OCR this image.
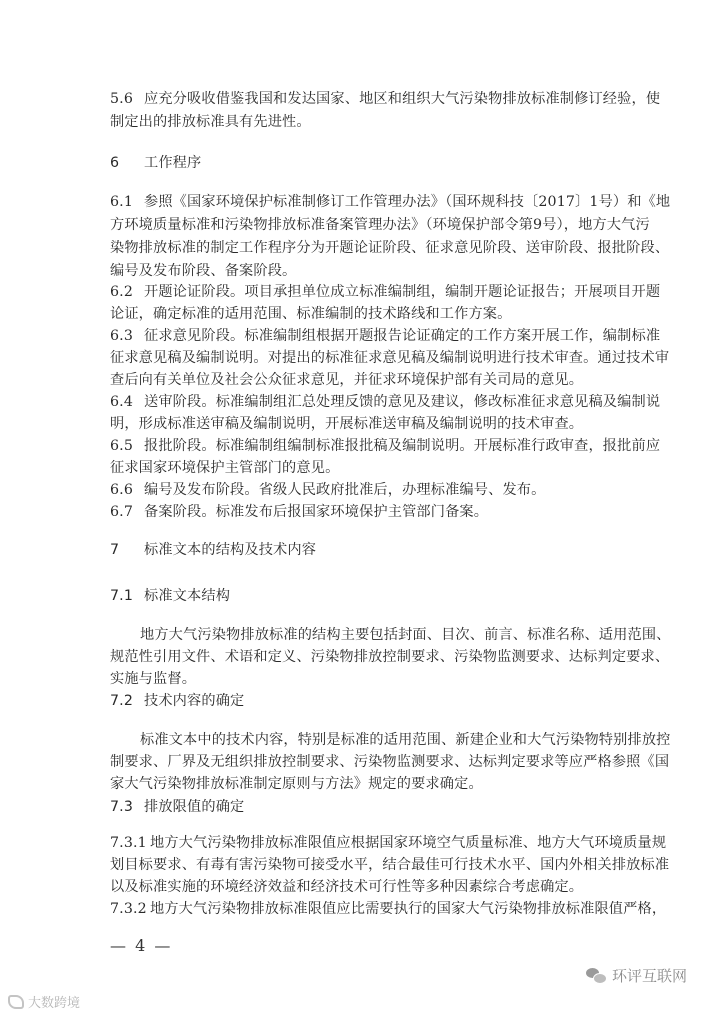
5.6 应充分吸收借鉴我国和发达国家、地区和组织大气污染物排放标准制修订经验，使
制定出的排放标准具有先进性。
6 工作程序
6.1 参照《国家环境保护标准制修订工作管理办法》（国环规科技〔2017〕1号）和《地
方环境质量标准和污染物排放标准备案管理办法》（环境保护部令第9号），地方大气污
染物排放标准的制定工作程序分为开题论证阶段、征求意见阶段、送审阶段、报批阶段、
编号及发布阶段、备案阶段。
6.2 开题论证阶段。项目承担单位成立标准编制组，编制开题论证报告；开展项目开题
论证，确定标准的适用范围、标准编制的技术路线和工作方案。
6.3 征求意见阶段。标准编制组根据开题报告论证确定的工作方案开展工作，编制标准
征求意见稿及编制说明。对提出的标准征求意见稿及编制说明进行技术审查。通过技术审
查后向有关单位及社会公众征求意见，并征求环境保护部有关司局的意见。
6.4 送审阶段。标准编制组汇总处理反馈的意见及建议，修改标准征求意见稿及编制说
明，形成标准送审稿及编制说明，开展标准送审稿及编制说明的技术审查。
6.5 报批阶段。标准编制组编制标准报批稿及编制说明。开展标准行政审查，报批前应
征求国家环境保护主管部门的意见。
6.6 编号及发布阶段。省级人民政府批准后，办理标准编号、发布。
6.7 备案阶段。标准发布后报国家环境保护主管部门备案。
7 标准文本的结构及技术内容
7.1 标准文本结构
地方大气污染物排放标准的结构主要包括封面、目次、前言、标准名称、适用范围、
规范性引用文件、术语和定义、污染物排放控制要求、污染物监测要求、达标判定要求、
实施与监督。
7.2 技术内容的确定
标准文本中的技术内容，特别是标准的适用范围、新建企业和大气污染物特别排放控
制要求、厂界及无组织排放控制要求、污染物监测要求、达标判定要求等应严格参照《国
家大气污染物排放标准制定原则与方法》规定的要求确定。
7.3 排放限值的确定
7.3.1 地方大气污染物排放标准限值应根据国家环境空气质量标准、地方大气环境质量规
划目标要求、有毒有害污染物可接受水平，结合最佳可行技术水平、国内外相关排放标准
以及标准实施的环境经济效益和经济技术可行性等多种因素综合考虑确定。
7.3.2 地方大气污染物排放标准限值应比需要执行的国家大气污染物排放标准限值严格，
— 4 —
大数跨境
环评互联网
